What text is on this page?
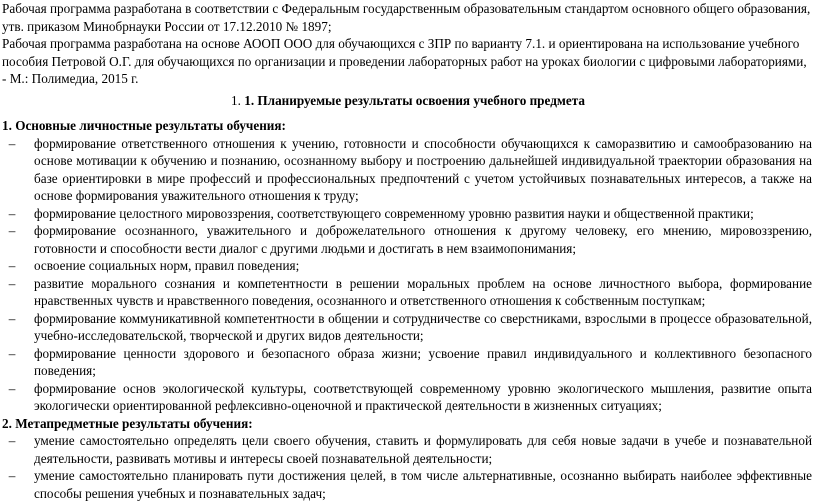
Рабочая программа разработана в соответствии с Федеральным государственным образовательным стандартом основного общего образования, утв. приказом Минобрнауки России от 17.12.2010 № 1897;

Рабочая программа разработана на основе АООП ООО для обучающихся с ЗПР по варианту 7.1. и ориентирована на использование учебного пособия Петровой О.Г. для обучающихся по организации и проведении лабораторных работ на уроках биологии с цифровыми лабораториями, - М.: Полимедиа, 2015 г.

1. 1. Планируемые результаты освоения учебного предмета

1. Основные личностные результаты обучения:

–	формирование ответственного отношения к учению, готовности и способности обучающихся к саморазвитию и самообразованию на основе мотивации к обучению и познанию, осознанному выбору и построению дальнейшей индивидуальной траектории образования на базе ориентировки в мире профессий и профессиональных предпочтений с учетом устойчивых познавательных интересов, а также на основе формирования уважительного отношения к труду;
–	формирование целостного мировоззрения, соответствующего современному уровню развития науки и общественной практики;
–	формирование осознанного, уважительного и доброжелательного отношения к другому человеку, его мнению, мировоззрению, готовности и способности вести диалог с другими людьми и достигать в нем взаимопонимания;
–	освоение социальных норм, правил поведения;
–	развитие морального сознания и компетентности в решении моральных проблем на основе личностного выбора, формирование нравственных чувств и нравственного поведения, осознанного и ответственного отношения к собственным поступкам;
–	формирование коммуникативной компетентности в общении и сотрудничестве со сверстниками, взрослыми в процессе образовательной, учебно-исследовательской, творческой и других видов деятельности;
–	формирование ценности здорового и безопасного образа жизни; усвоение правил индивидуального и коллективного безопасного поведения;
–	формирование основ экологической культуры, соответствующей современному уровню экологического мышления, развитие опыта экологически ориентированной рефлексивно-оценочной и практической деятельности в жизненных ситуациях;

2. Метапредметные результаты обучения:

–	умение самостоятельно определять цели своего обучения, ставить и формулировать для себя новые задачи в учебе и познавательной деятельности, развивать мотивы и интересы своей познавательной деятельности;
–	умение самостоятельно планировать пути достижения целей, в том числе альтернативные, осознанно выбирать наиболее эффективные способы решения учебных и познавательных задач;
